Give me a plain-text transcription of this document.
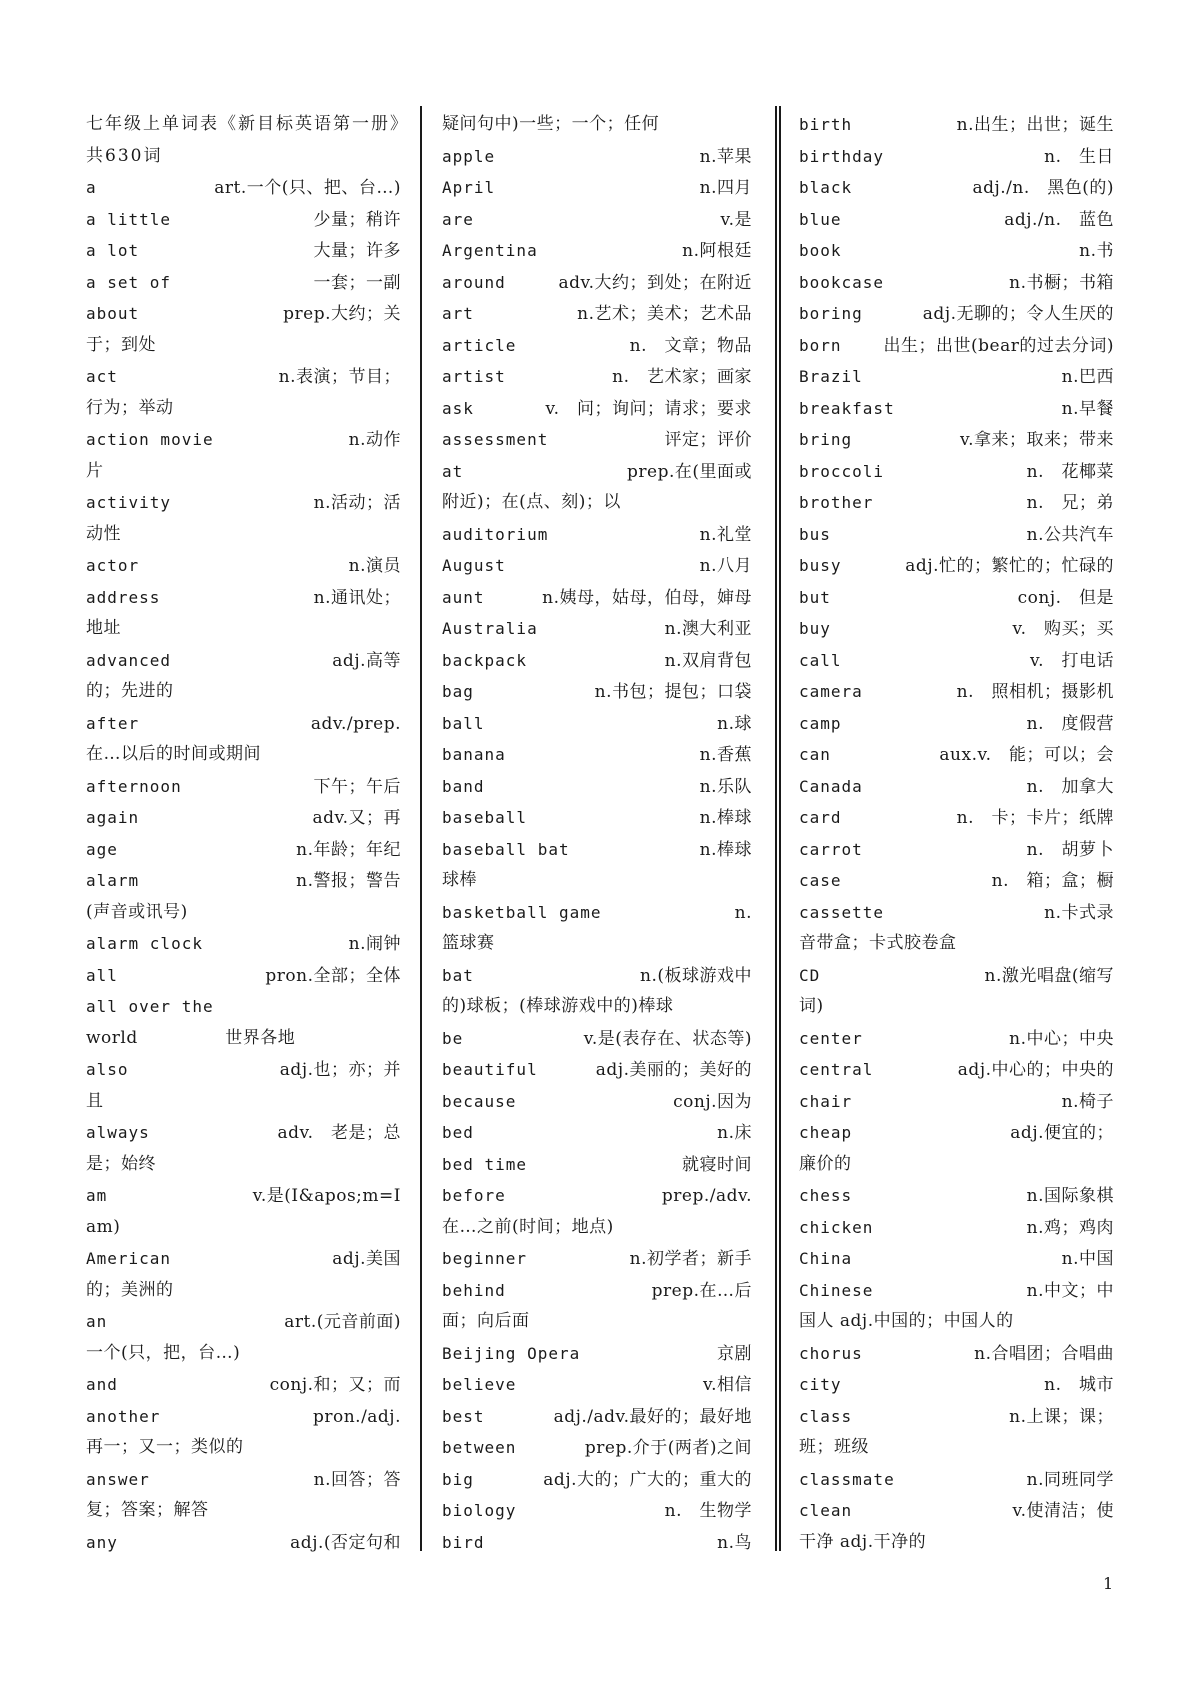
七年级上单词表《新目标英语第一册》　共630词

a	art.一个(只、把、台…)
a little	少量；稍许
a lot	大量；许多
a set of	一套；一副
about	prep.大约；关
于；到处
act	n.表演；节目；
行为；举动
action movie	n.动作
片
activity	n.活动；活
动性
actor	n.演员
address	n.通讯处；
地址
advanced	adj.高等
的；先进的
after	adv./prep.
在…以后的时间或期间
afternoon	下午；午后
again	adv.又；再
age	n.年龄；年纪
alarm	n.警报；警告
(声音或讯号)
alarm clock	n.闹钟
all	pron.全部；全体
all over the
world　　　　　世界各地
also	adj.也；亦；并
且
always	adv.　老是；总
是；始终
am	v.是(I&apos;m=I
am)
American	adj.美国
的；美洲的
an	art.(元音前面)
一个(只，把，台…)
and	conj.和；又；而
another	pron./adj.
再一；又一；类似的
answer	n.回答；答
复；答案；解答
any	adj.(否定句和
疑问句中)一些；一个；任何
apple	n.苹果
April	n.四月
are	v.是
Argentina	n.阿根廷
around	adv.大约；到处；在附近
art	n.艺术；美术；艺术品
article	n.　文章；物品
artist	n.　艺术家；画家
ask	v.　问；询问；请求；要求
assessment	评定；评价
at	prep.在(里面或
附近)；在(点、刻)；以
auditorium	n.礼堂
August	n.八月
aunt	n.姨母，姑母，伯母，婶母
Australia	n.澳大利亚
backpack	n.双肩背包
bag	n.书包；提包；口袋
ball	n.球
banana	n.香蕉
band	n.乐队
baseball	n.棒球
baseball bat	n.棒球
球棒
basketball game	n.
篮球赛
bat	n.(板球游戏中
的)球板；(棒球游戏中的)棒球
be	v.是(表存在、状态等)
beautiful	adj.美丽的；美好的
because	conj.因为
bed	n.床
bed time	就寝时间
before	prep./adv.
在…之前(时间；地点)
beginner	n.初学者；新手
behind	prep.在…后
面；向后面
Beijing Opera	京剧
believe	v.相信
best	adj./adv.最好的；最好地
between	prep.介于(两者)之间
big	adj.大的；广大的；重大的
biology	n.　生物学
bird	n.鸟
birth	n.出生；出世；诞生
birthday	n.　生日
black	adj./n.　黑色(的)
blue	adj./n.　蓝色
book	n.书
bookcase	n.书橱；书箱
boring	adj.无聊的；令人生厌的
born 出生；出世(bear的过去分词)
Brazil	n.巴西
breakfast	n.早餐
bring	v.拿来；取来；带来
broccoli	n.　花椰菜
brother	n.　兄；弟
bus	n.公共汽车
busy	adj.忙的；繁忙的；忙碌的
but	conj.　但是
buy	v.　购买；买
call	v.　打电话
camera	n.　照相机；摄影机
camp	n.　度假营
can	aux.v.　能；可以；会
Canada	n.　加拿大
card	n.　卡；卡片；纸牌
carrot	n.　胡萝卜
case	n.　箱；盒；橱
cassette	n.卡式录
音带盒；卡式胶卷盒
CD	n.激光唱盘(缩写
词)
center	n.中心；中央
central	adj.中心的；中央的
chair	n.椅子
cheap	adj.便宜的；
廉价的
chess	n.国际象棋
chicken	n.鸡；鸡肉
China	n.中国
Chinese	n.中文；中
国人 adj.中国的；中国人的
chorus	n.合唱团；合唱曲
city	n.　城市
class	n.上课；课；
班；班级
classmate	n.同班同学
clean	v.使清洁；使
干净 adj.干净的
1
